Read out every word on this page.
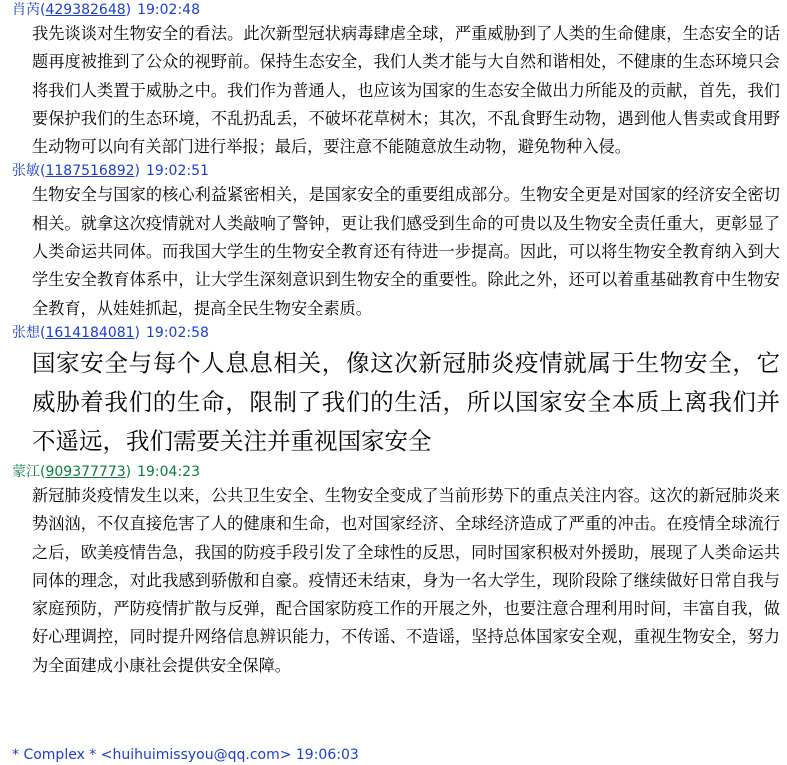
肖芮(429382648) 19:02:48
我先谈谈对生物安全的看法。此次新型冠状病毒肆虐全球，严重威胁到了人类的生命健康，生态安全的话题再度被推到了公众的视野前。保持生态安全，我们人类才能与大自然和谐相处，不健康的生态环境只会将我们人类置于威胁之中。我们作为普通人，也应该为国家的生态安全做出力所能及的贡献，首先，我们要保护我们的生态环境，不乱扔乱丢，不破坏花草树木；其次，不乱食野生动物，遇到他人售卖或食用野生动物可以向有关部门进行举报；最后，要注意不能随意放生动物，避免物种入侵。
张敏(1187516892) 19:02:51
生物安全与国家的核心利益紧密相关，是国家安全的重要组成部分。生物安全更是对国家的经济安全密切相关。就拿这次疫情就对人类敲响了警钟，更让我们感受到生命的可贵以及生物安全责任重大，更彰显了人类命运共同体。而我国大学生的生物安全教育还有待进一步提高。因此，可以将生物安全教育纳入到大学生安全教育体系中，让大学生深刻意识到生物安全的重要性。除此之外，还可以着重基础教育中生物安全教育，从娃娃抓起，提高全民生物安全素质。
张想(1614184081) 19:02:58
国家安全与每个人息息相关，像这次新冠肺炎疫情就属于生物安全，它威胁着我们的生命，限制了我们的生活，所以国家安全本质上离我们并不遥远，我们需要关注并重视国家安全
蒙江(909377773) 19:04:23
新冠肺炎疫情发生以来，公共卫生安全、生物安全变成了当前形势下的重点关注内容。这次的新冠肺炎来势汹汹，不仅直接危害了人的健康和生命，也对国家经济、全球经济造成了严重的冲击。在疫情全球流行之后，欧美疫情告急，我国的防疫手段引发了全球性的反思，同时国家积极对外援助，展现了人类命运共同体的理念，对此我感到骄傲和自豪。疫情还未结束，身为一名大学生，现阶段除了继续做好日常自我与家庭预防，严防疫情扩散与反弹，配合国家防疫工作的开展之外，也要注意合理利用时间，丰富自我，做好心理调控，同时提升网络信息辨识能力，不传谣、不造谣，坚持总体国家安全观，重视生物安全，努力为全面建成小康社会提供安全保障。
* Complex * <huihuimissyou@qq.com> 19:06:03
